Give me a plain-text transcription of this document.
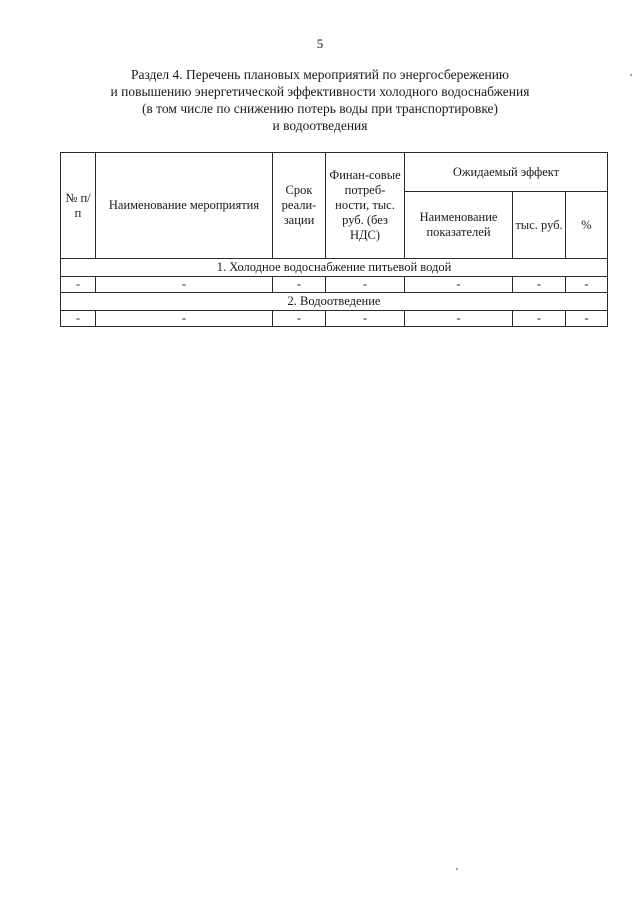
5
Раздел 4. Перечень плановых мероприятий по энергосбережению
и повышению энергетической эффективности холодного водоснабжения
(в том числе по снижению потерь воды при транспортировке)
и водоотведения
№ п/п	Наименование мероприятия	Срок реали-зации	Финан-совые потреб-ности, тыс. руб. (без НДС)	Ожидаемый эффект		
				Наименование показателей	тыс. руб.	%
1. Холодное водоснабжение питьевой водой						
-	-	-	-	-	-	-
2. Водоотведение						
-	-	-	-	-	-	-
